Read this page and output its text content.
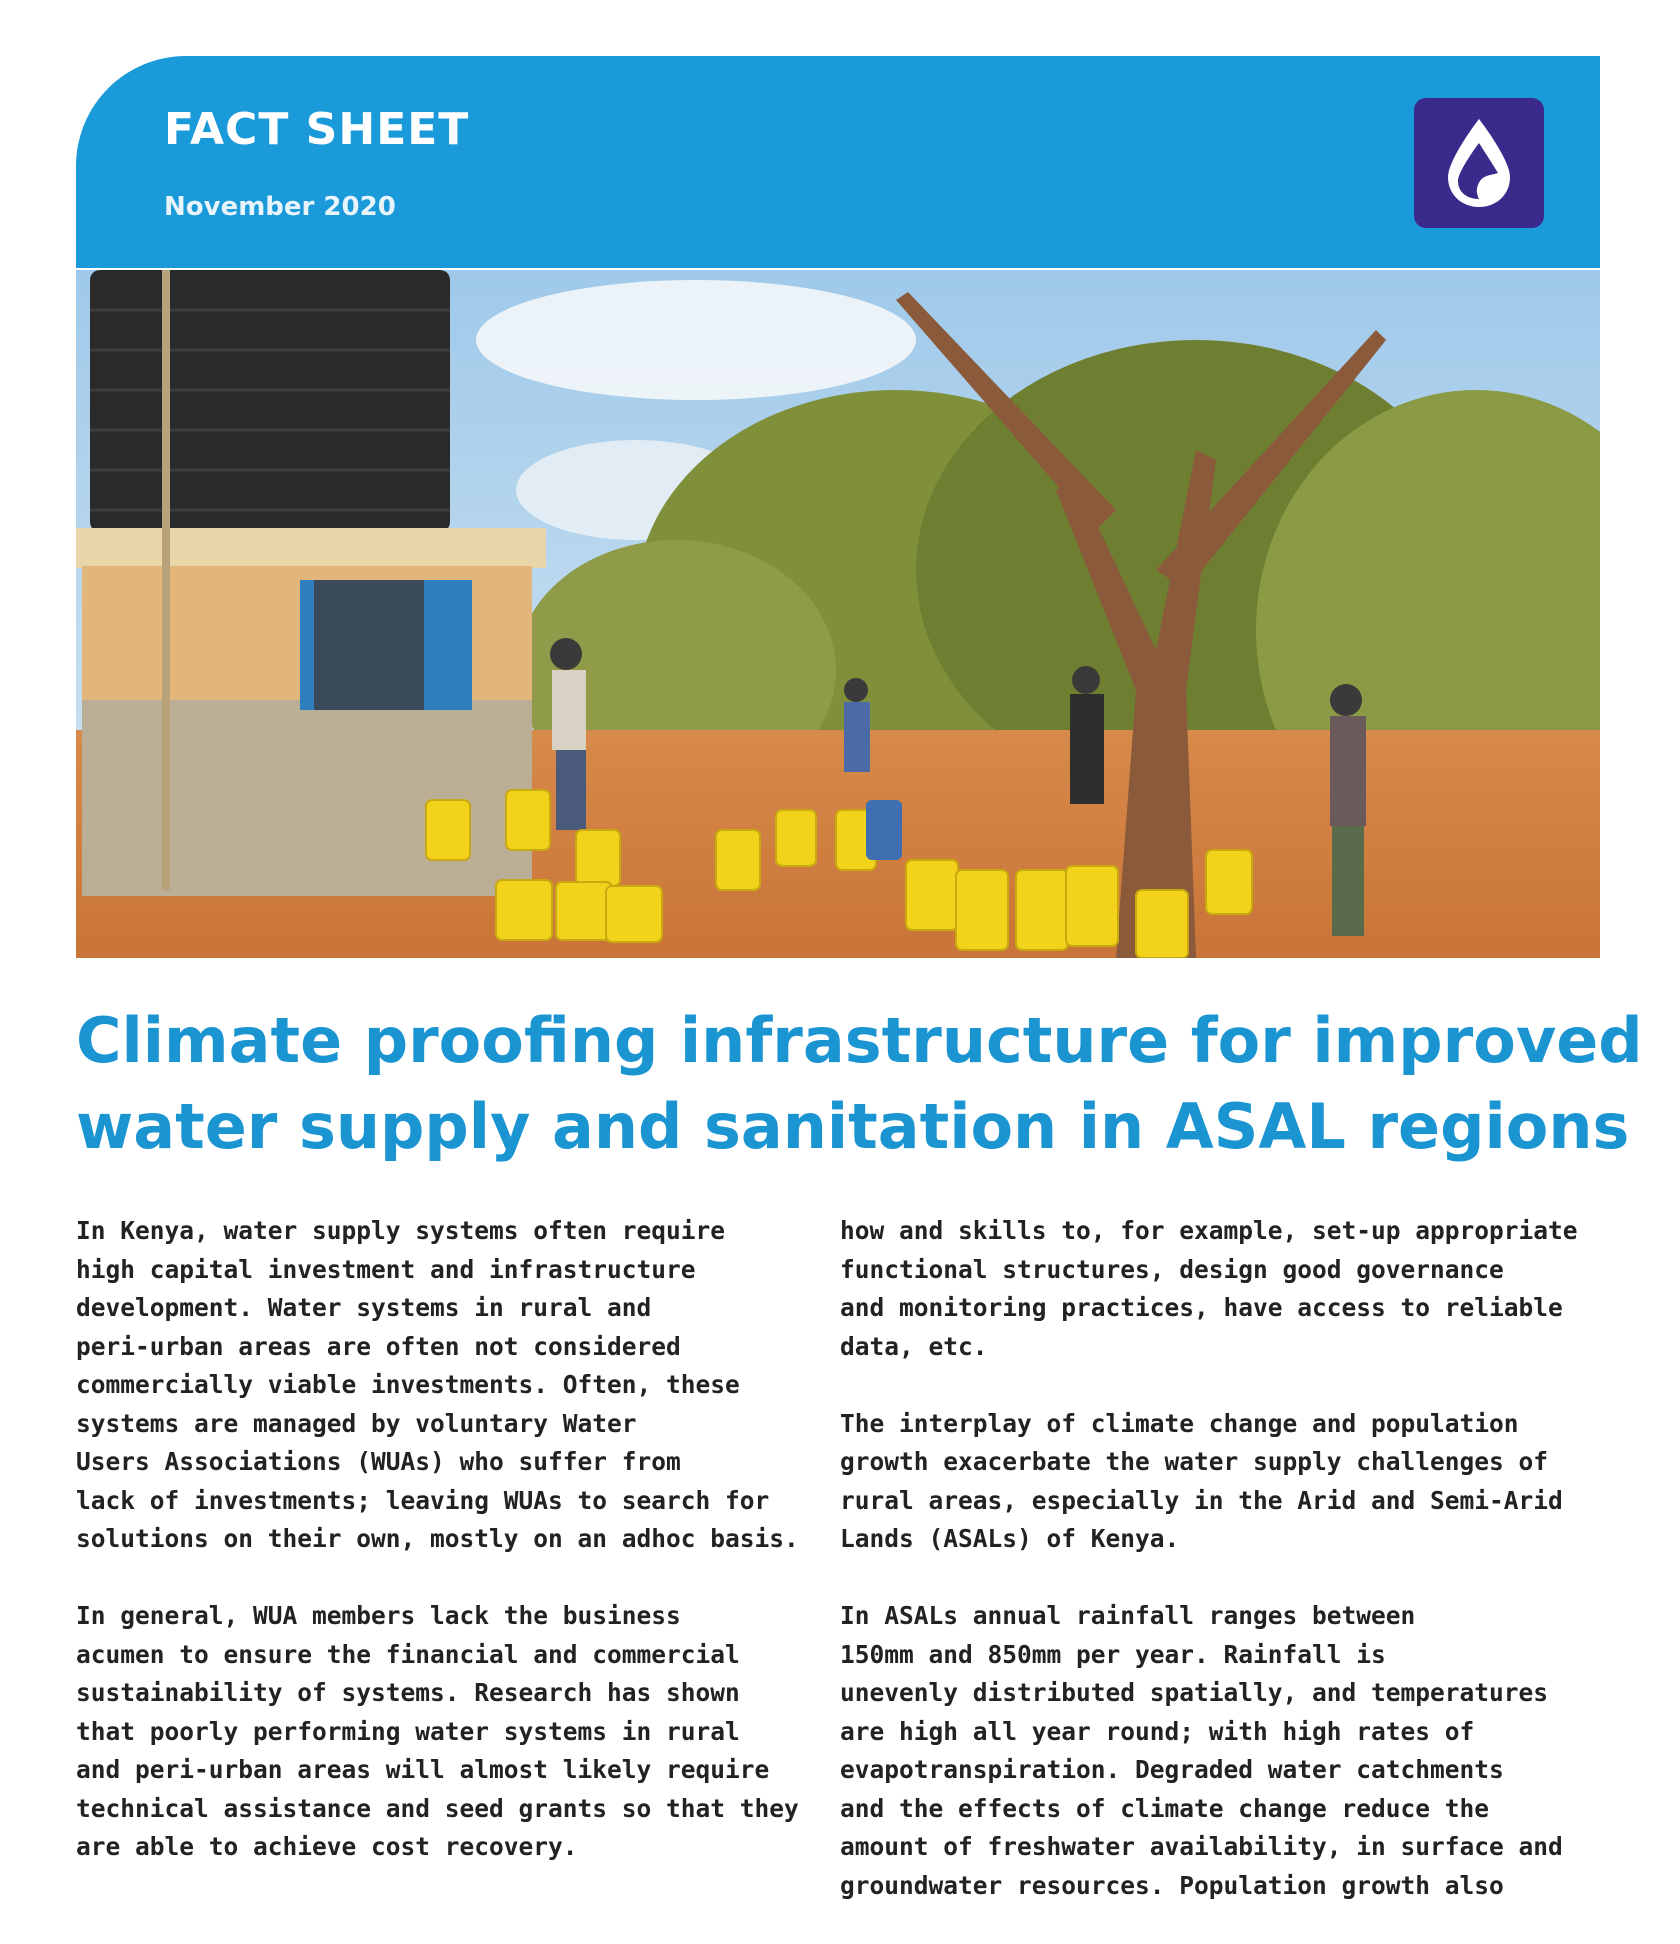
FACT SHEET
November 2020
Climate proofing infrastructure for improved
water supply and sanitation in ASAL regions

In Kenya, water supply systems often require
high capital investment and infrastructure
development. Water systems in rural and
peri-urban areas are often not considered
commercially viable investments. Often, these
systems are managed by voluntary Water
Users Associations (WUAs) who suffer from
lack of investments; leaving WUAs to search for
solutions on their own, mostly on an adhoc basis.

In general, WUA members lack the business
acumen to ensure the financial and commercial
sustainability of systems. Research has shown
that poorly performing water systems in rural
and peri-urban areas will almost likely require
technical assistance and seed grants so that they
are able to achieve cost recovery.

how and skills to, for example, set-up appropriate
functional structures, design good governance
and monitoring practices, have access to reliable
data, etc.

The interplay of climate change and population
growth exacerbate the water supply challenges of
rural areas, especially in the Arid and Semi-Arid
Lands (ASALs) of Kenya.

In ASALs annual rainfall ranges between
150mm and 850mm per year. Rainfall is
unevenly distributed spatially, and temperatures
are high all year round; with high rates of
evapotranspiration. Degraded water catchments
and the effects of climate change reduce the
amount of freshwater availability, in surface and
groundwater resources. Population growth also
